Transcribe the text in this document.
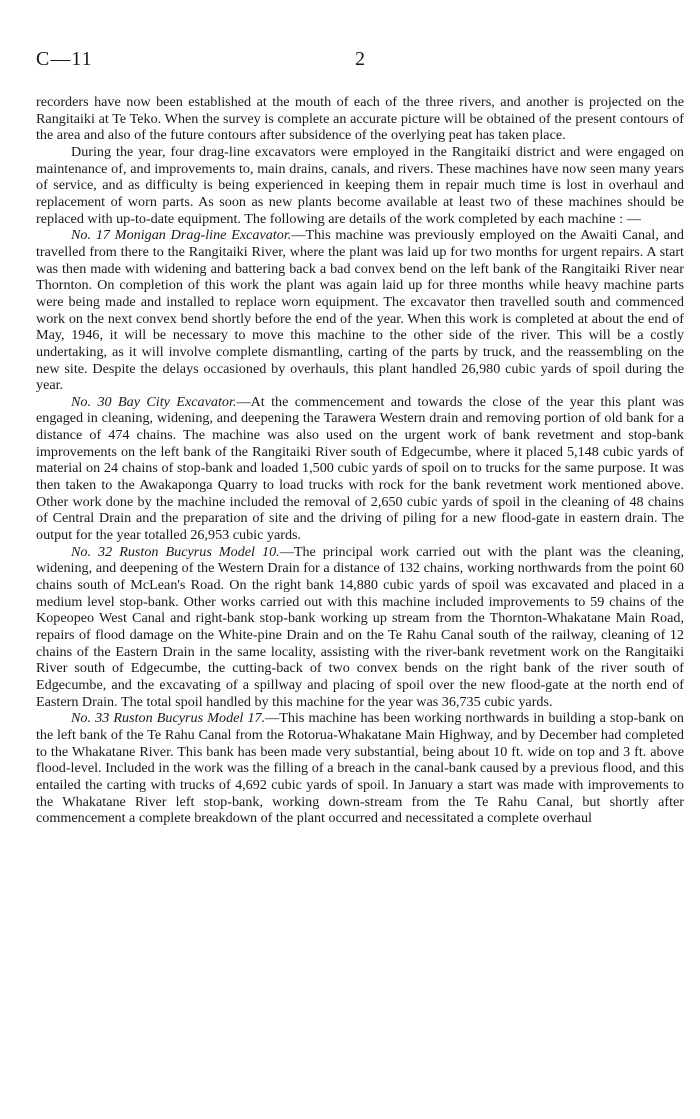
C—11	2

recorders have now been established at the mouth of each of the three rivers, and another is projected on the Rangitaiki at Te Teko. When the survey is complete an accurate picture will be obtained of the present contours of the area and also of the future contours after subsidence of the overlying peat has taken place.

During the year, four drag-line excavators were employed in the Rangitaiki district and were engaged on maintenance of, and improvements to, main drains, canals, and rivers. These machines have now seen many years of service, and as difficulty is being experienced in keeping them in repair much time is lost in overhaul and replacement of worn parts. As soon as new plants become available at least two of these machines should be replaced with up-to-date equipment. The following are details of the work completed by each machine : —

No. 17 Monigan Drag-line Excavator.—This machine was previously employed on the Awaiti Canal, and travelled from there to the Rangitaiki River, where the plant was laid up for two months for urgent repairs. A start was then made with widening and battering back a bad convex bend on the left bank of the Rangitaiki River near Thornton. On completion of this work the plant was again laid up for three months while heavy machine parts were being made and installed to replace worn equipment. The excavator then travelled south and commenced work on the next convex bend shortly before the end of the year. When this work is completed at about the end of May, 1946, it will be necessary to move this machine to the other side of the river. This will be a costly undertaking, as it will involve complete dismantling, carting of the parts by truck, and the reassembling on the new site. Despite the delays occasioned by overhauls, this plant handled 26,980 cubic yards of spoil during the year.

No. 30 Bay City Excavator.—At the commencement and towards the close of the year this plant was engaged in cleaning, widening, and deepening the Tarawera Western drain and removing portion of old bank for a distance of 474 chains. The machine was also used on the urgent work of bank revetment and stop-bank improvements on the left bank of the Rangitaiki River south of Edgecumbe, where it placed 5,148 cubic yards of material on 24 chains of stop-bank and loaded 1,500 cubic yards of spoil on to trucks for the same purpose. It was then taken to the Awakaponga Quarry to load trucks with rock for the bank revetment work mentioned above. Other work done by the machine included the removal of 2,650 cubic yards of spoil in the cleaning of 48 chains of Central Drain and the preparation of site and the driving of piling for a new flood-gate in eastern drain. The output for the year totalled 26,953 cubic yards.

No. 32 Ruston Bucyrus Model 10.—The principal work carried out with the plant was the cleaning, widening, and deepening of the Western Drain for a distance of 132 chains, working northwards from the point 60 chains south of McLean's Road. On the right bank 14,880 cubic yards of spoil was excavated and placed in a medium level stop-bank. Other works carried out with this machine included improvements to 59 chains of the Kopeopeo West Canal and right-bank stop-bank working up stream from the Thornton-Whakatane Main Road, repairs of flood damage on the White-pine Drain and on the Te Rahu Canal south of the railway, cleaning of 12 chains of the Eastern Drain in the same locality, assisting with the river-bank revetment work on the Rangitaiki River south of Edgecumbe, the cutting-back of two convex bends on the right bank of the river south of Edgecumbe, and the excavating of a spillway and placing of spoil over the new flood-gate at the north end of Eastern Drain. The total spoil handled by this machine for the year was 36,735 cubic yards.

No. 33 Ruston Bucyrus Model 17.—This machine has been working northwards in building a stop-bank on the left bank of the Te Rahu Canal from the Rotorua-Whakatane Main Highway, and by December had completed to the Whakatane River. This bank has been made very substantial, being about 10 ft. wide on top and 3 ft. above flood-level. Included in the work was the filling of a breach in the canal-bank caused by a previous flood, and this entailed the carting with trucks of 4,692 cubic yards of spoil. In January a start was made with improvements to the Whakatane River left stop-bank, working down-stream from the Te Rahu Canal, but shortly after commencement a complete breakdown of the plant occurred and necessitated a complete overhaul
